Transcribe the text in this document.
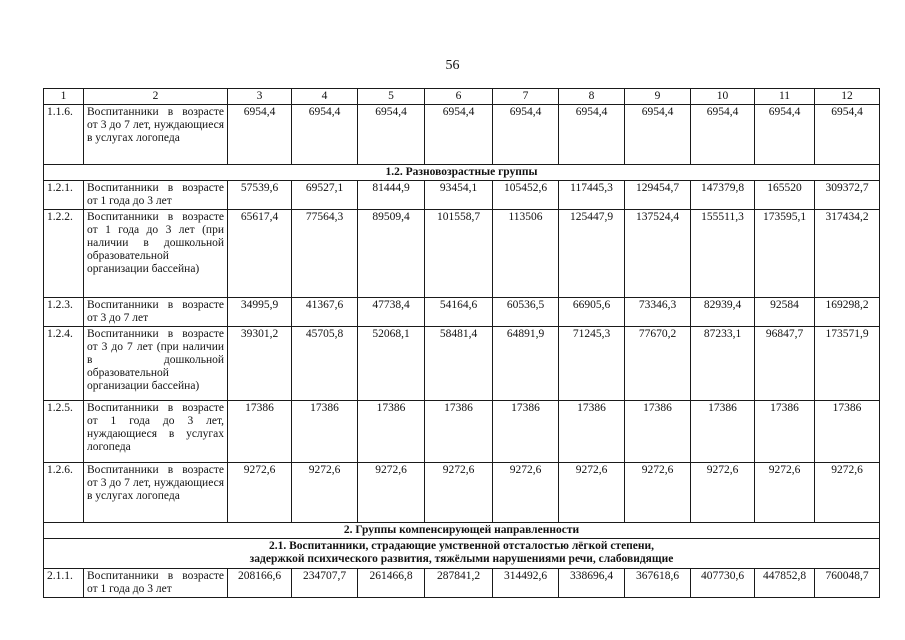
56
1	2	3	4	5	6	7	8	9	10	11	12
1.1.6.	Воспитанники в возрасте от 3 до 7 лет, нуждающиеся в услугах логопеда	6954,4	6954,4	6954,4	6954,4	6954,4	6954,4	6954,4	6954,4	6954,4	6954,4

1.2. Разновозрастные группы											

1.2.1.	Воспитанники в возрасте от 1 года до 3 лет	57539,6	69527,1	81444,9	93454,1	105452,6	117445,3	129454,7	147379,8	165520	309372,7
1.2.2.	Воспитанники в возрасте от 1 года до 3 лет (при наличии в дошкольной образовательной организации бассейна)	65617,4	77564,3	89509,4	101558,7	113506	125447,9	137524,4	155511,3	173595,1	317434,2
1.2.3.	Воспитанники в возрасте от 3 до 7 лет	34995,9	41367,6	47738,4	54164,6	60536,5	66905,6	73346,3	82939,4	92584	169298,2
1.2.4.	Воспитанники в возрасте от 3 до 7 лет (при наличии в дошкольной образовательной организации бассейна)	39301,2	45705,8	52068,1	58481,4	64891,9	71245,3	77670,2	87233,1	96847,7	173571,9
1.2.5.	Воспитанники в возрасте от 1 года до 3 лет, нуждающиеся в услугах логопеда	17386	17386	17386	17386	17386	17386	17386	17386	17386	17386
1.2.6.	Воспитанники в возрасте от 3 до 7 лет, нуждающиеся в услугах логопеда	9272,6	9272,6	9272,6	9272,6	9272,6	9272,6	9272,6	9272,6	9272,6	9272,6

2. Группы компенсирующей направленности											

2.1. Воспитанники, страдающие умственной отсталостью лёгкой степени,
задержкой психического развития, тяжёлыми нарушениями речи, слабовидящие											

2.1.1.	Воспитанники в возрасте от 1 года до 3 лет	208166,6	234707,7	261466,8	287841,2	314492,6	338696,4	367618,6	407730,6	447852,8	760048,7
